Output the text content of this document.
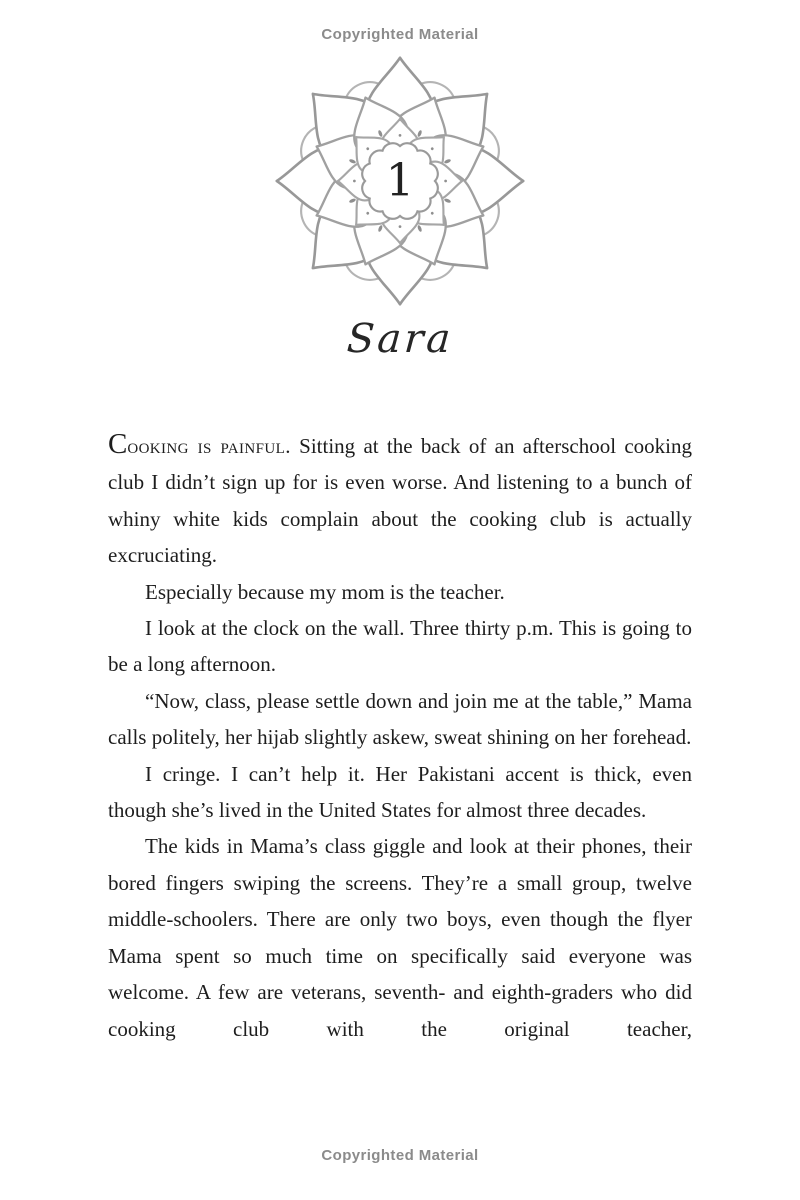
Copyrighted Material
1
Sara

Cooking is painful. Sitting at the back of an afterschool cooking club I didn’t sign up for is even worse. And listening to a bunch of whiny white kids complain about the cooking club is actually excruciating.

Especially because my mom is the teacher.

I look at the clock on the wall. Three thirty p.m. This is going to be a long afternoon.

“Now, class, please settle down and join me at the table,” Mama calls politely, her hijab slightly askew, sweat shining on her forehead.

I cringe. I can’t help it. Her Pakistani accent is thick, even though she’s lived in the United States for almost three decades.

The kids in Mama’s class giggle and look at their phones, their bored fingers swiping the screens. They’re a small group, twelve middle-schoolers. There are only two boys, even though the flyer Mama spent so much time on specifically said everyone was welcome. A few are veterans, seventh- and eighth-graders who did cooking club with the original teacher,

Copyrighted Material
